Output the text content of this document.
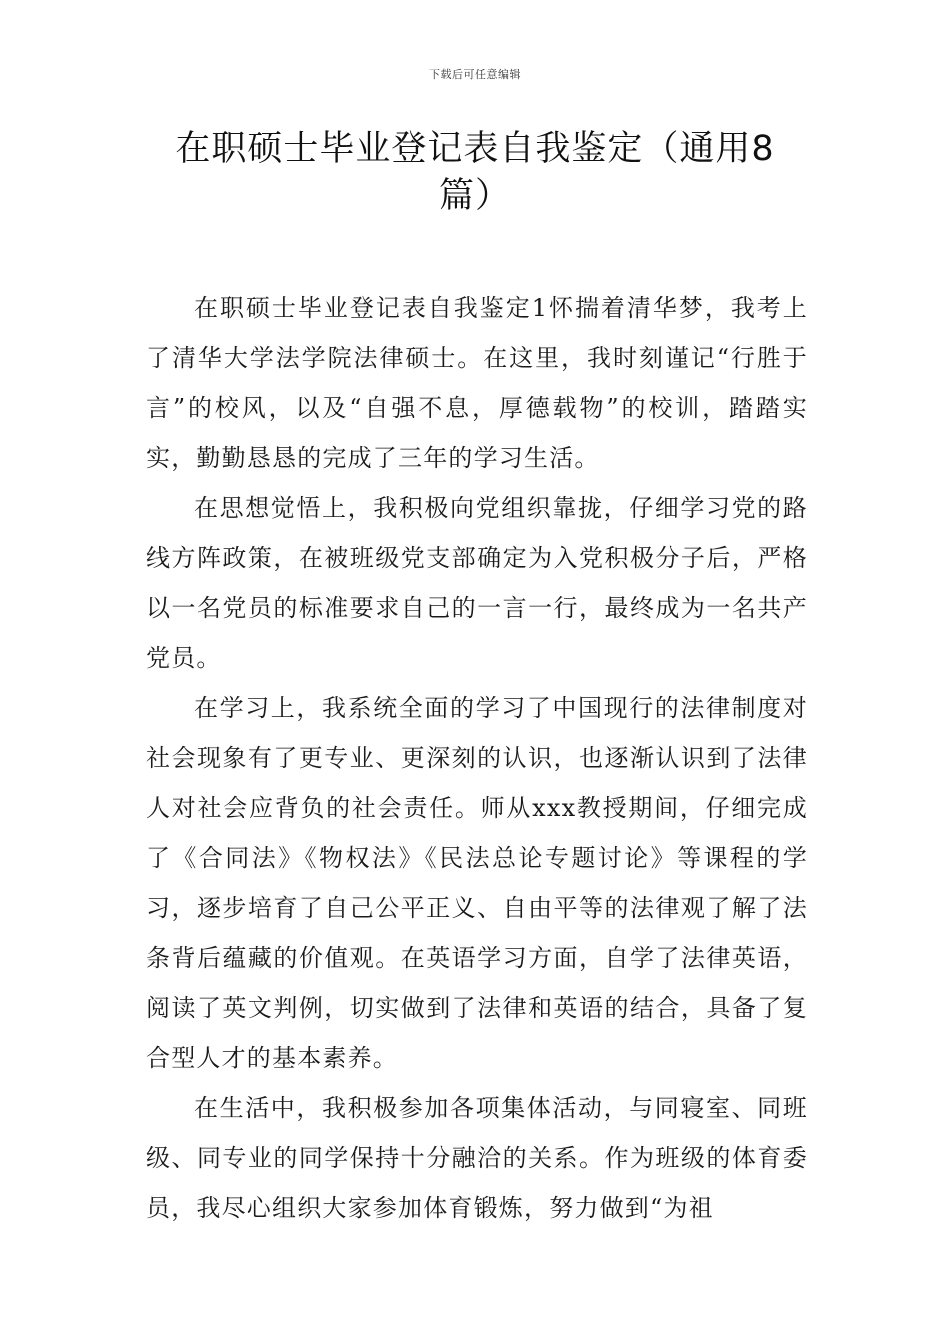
下载后可任意编辑
在职硕士毕业登记表自我鉴定（通用8篇）

在职硕士毕业登记表自我鉴定1怀揣着清华梦，我考上了清华大学法学院法律硕士。在这里，我时刻谨记“行胜于言”的校风，以及“自强不息，厚德载物”的校训，踏踏实实，勤勤恳恳的完成了三年的学习生活。

在思想觉悟上，我积极向党组织靠拢，仔细学习党的路线方阵政策，在被班级党支部确定为入党积极分子后，严格以一名党员的标准要求自己的一言一行，最终成为一名共产党员。

在学习上，我系统全面的学习了中国现行的法律制度对社会现象有了更专业、更深刻的认识，也逐渐认识到了法律人对社会应背负的社会责任。师从xxx教授期间，仔细完成了《合同法》《物权法》《民法总论专题讨论》等课程的学习，逐步培育了自己公平正义、自由平等的法律观了解了法条背后蕴藏的价值观。在英语学习方面，自学了法律英语，阅读了英文判例，切实做到了法律和英语的结合，具备了复合型人才的基本素养。

在生活中，我积极参加各项集体活动，与同寝室、同班级、同专业的同学保持十分融洽的关系。作为班级的体育委员，我尽心组织大家参加体育锻炼，努力做到“为祖
